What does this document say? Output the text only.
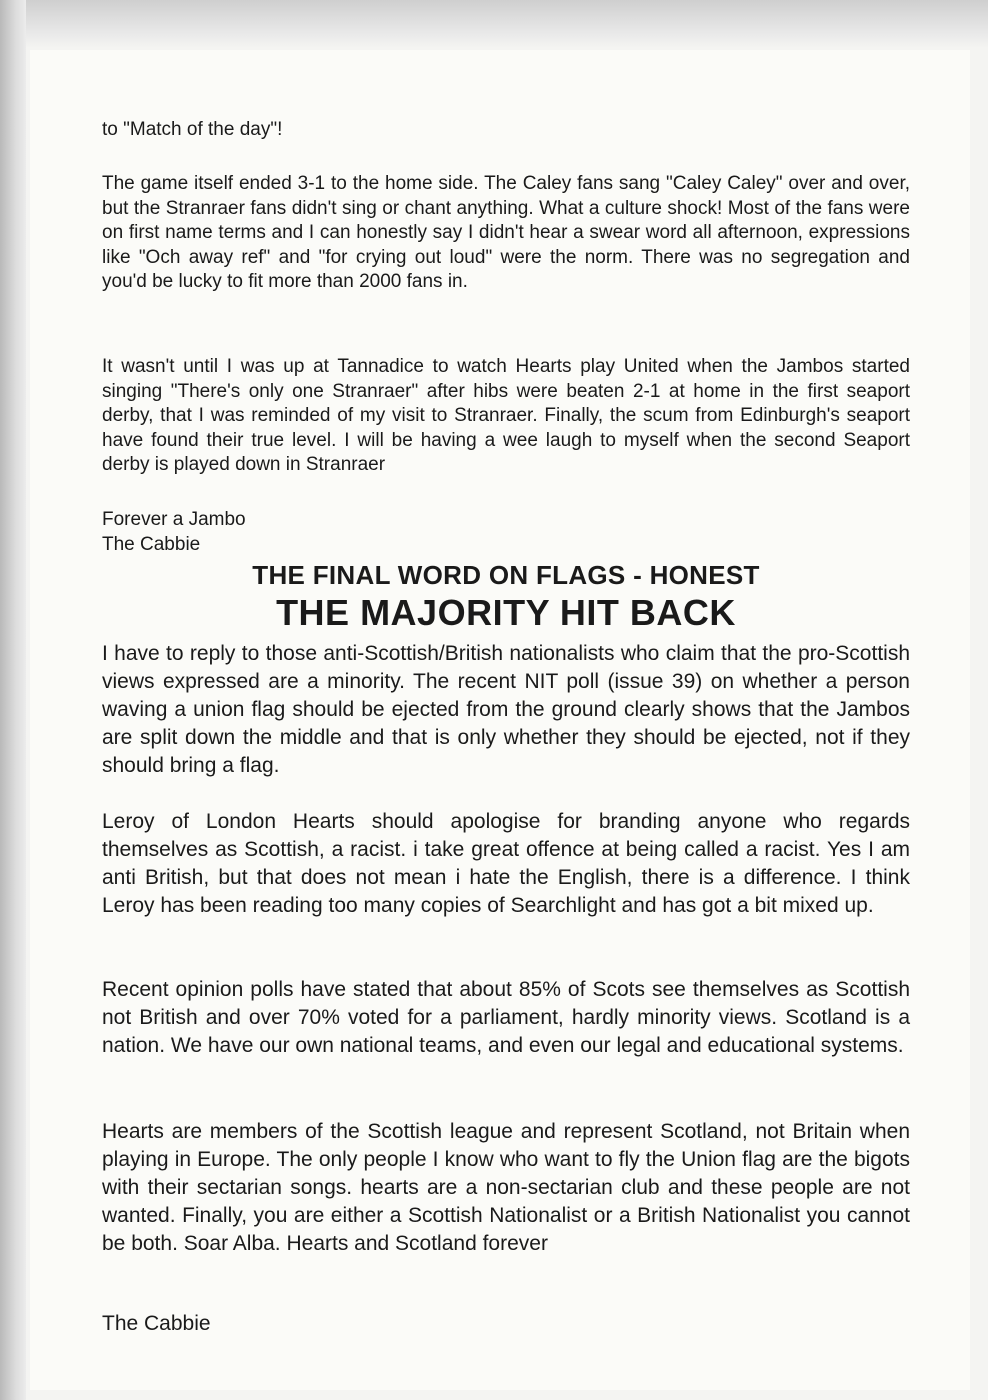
to "Match of the day"!

The game itself ended 3-1 to the home side. The Caley fans sang "Caley Caley" over and over, but the Stranraer fans didn't sing or chant anything. What a culture shock! Most of the fans were on first name terms and I can honestly say I didn't hear a swear word all afternoon, expressions like "Och away ref" and "for crying out loud" were the norm. There was no segregation and you'd be lucky to fit more than 2000 fans in.

It wasn't until I was up at Tannadice to watch Hearts play United when the Jambos started singing "There's only one Stranraer" after hibs were beaten 2-1 at home in the first seaport derby, that I was reminded of my visit to Stranraer. Finally, the scum from Edinburgh's seaport have found their true level. I will be having a wee laugh to myself when the second Seaport derby is played down in Stranraer

Forever a Jambo
The Cabbie
THE FINAL WORD ON FLAGS - HONEST
THE MAJORITY HIT BACK

I have to reply to those anti-Scottish/British nationalists who claim that the pro-Scottish views expressed are a minority. The recent NIT poll (issue 39) on whether a person waving a union flag should be ejected from the ground clearly shows that the Jambos are split down the middle and that is only whether they should be ejected, not if they should bring a flag.

Leroy of London Hearts should apologise for branding anyone who regards themselves as Scottish, a racist. i take great offence at being called a racist. Yes I am anti British, but that does not mean i hate the English, there is a difference. I think Leroy has been reading too many copies of Searchlight and has got a bit mixed up.

Recent opinion polls have stated that about 85% of Scots see themselves as Scottish not British and over 70% voted for a parliament, hardly minority views. Scotland is a nation. We have our own national teams, and even our legal and educational systems.

Hearts are members of the Scottish league and represent Scotland, not Britain when playing in Europe. The only people I know who want to fly the Union flag are the bigots with their sectarian songs. hearts are a non-sectarian club and these people are not wanted. Finally, you are either a Scottish Nationalist or a British Nationalist you cannot be both. Soar Alba. Hearts and Scotland forever

The Cabbie
